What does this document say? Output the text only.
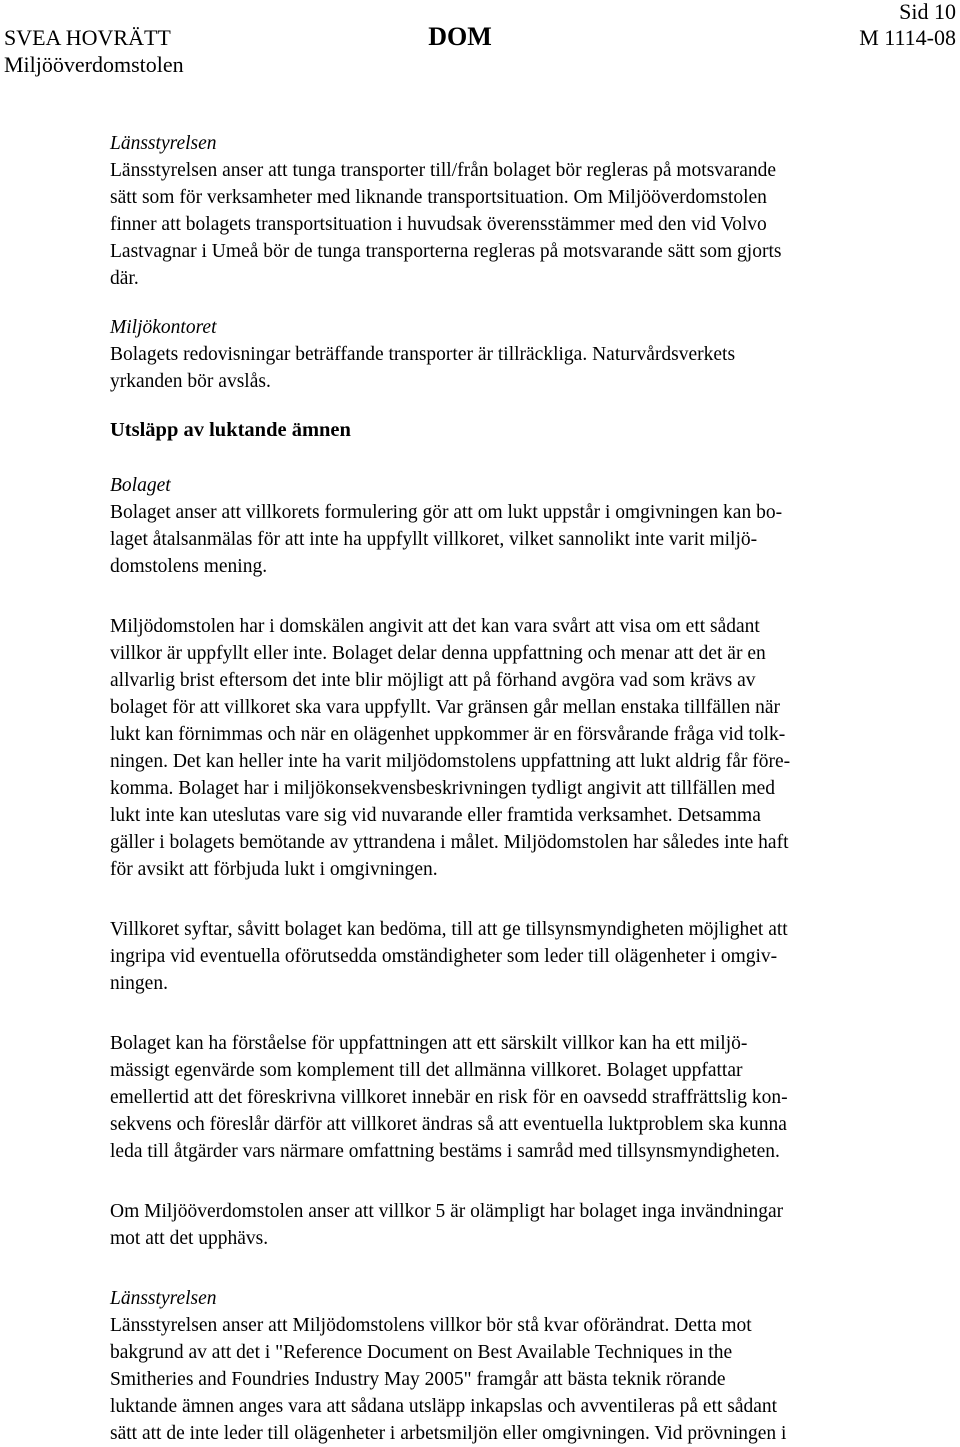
Sid 10
SVEA HOVRÄTT
Miljööverdomstolen
DOM	M 1114-08
Länsstyrelsen
Länsstyrelsen anser att tunga transporter till/från bolaget bör regleras på motsvarande
sätt som för verksamheter med liknande transportsituation. Om Miljööverdomstolen
finner att bolagets transportsituation i huvudsak överensstämmer med den vid Volvo
Lastvagnar i Umeå bör de tunga transporterna regleras på motsvarande sätt som gjorts
där.
Miljökontoret
Bolagets redovisningar beträffande transporter är tillräckliga. Naturvårdsverkets
yrkanden bör avslås.
Utsläpp av luktande ämnen
Bolaget
Bolaget anser att villkorets formulering gör att om lukt uppstår i omgivningen kan bo-
laget åtalsanmälas för att inte ha uppfyllt villkoret, vilket sannolikt inte varit miljö-
domstolens mening.
Miljödomstolen har i domskälen angivit att det kan vara svårt att visa om ett sådant
villkor är uppfyllt eller inte. Bolaget delar denna uppfattning och menar att det är en
allvarlig brist eftersom det inte blir möjligt att på förhand avgöra vad som krävs av
bolaget för att villkoret ska vara uppfyllt. Var gränsen går mellan enstaka tillfällen när
lukt kan förnimmas och när en olägenhet uppkommer är en försvårande fråga vid tolk-
ningen. Det kan heller inte ha varit miljödomstolens uppfattning att lukt aldrig får före-
komma. Bolaget har i miljökonsekvensbeskrivningen tydligt angivit att tillfällen med
lukt inte kan uteslutas vare sig vid nuvarande eller framtida verksamhet. Detsamma
gäller i bolagets bemötande av yttrandena i målet. Miljödomstolen har således inte haft
för avsikt att förbjuda lukt i omgivningen.
Villkoret syftar, såvitt bolaget kan bedöma, till att ge tillsynsmyndigheten möjlighet att
ingripa vid eventuella oförutsedda omständigheter som leder till olägenheter i omgiv-
ningen.
Bolaget kan ha förståelse för uppfattningen att ett särskilt villkor kan ha ett miljö-
mässigt egenvärde som komplement till det allmänna villkoret. Bolaget uppfattar
emellertid att det föreskrivna villkoret innebär en risk för en oavsedd straffrättslig kon-
sekvens och föreslår därför att villkoret ändras så att eventuella luktproblem ska kunna
leda till åtgärder vars närmare omfattning bestäms i samråd med tillsynsmyndigheten.
Om Miljööverdomstolen anser att villkor 5 är olämpligt har bolaget inga invändningar
mot att det upphävs.
Länsstyrelsen
Länsstyrelsen anser att Miljödomstolens villkor bör stå kvar oförändrat. Detta mot
bakgrund av att det i "Reference Document on Best Available Techniques in the
Smitheries and Foundries Industry May 2005" framgår att bästa teknik rörande
luktande ämnen anges vara att sådana utsläpp inkapslas och avventileras på ett sådant
sätt att de inte leder till olägenheter i arbetsmiljön eller omgivningen. Vid prövningen i
